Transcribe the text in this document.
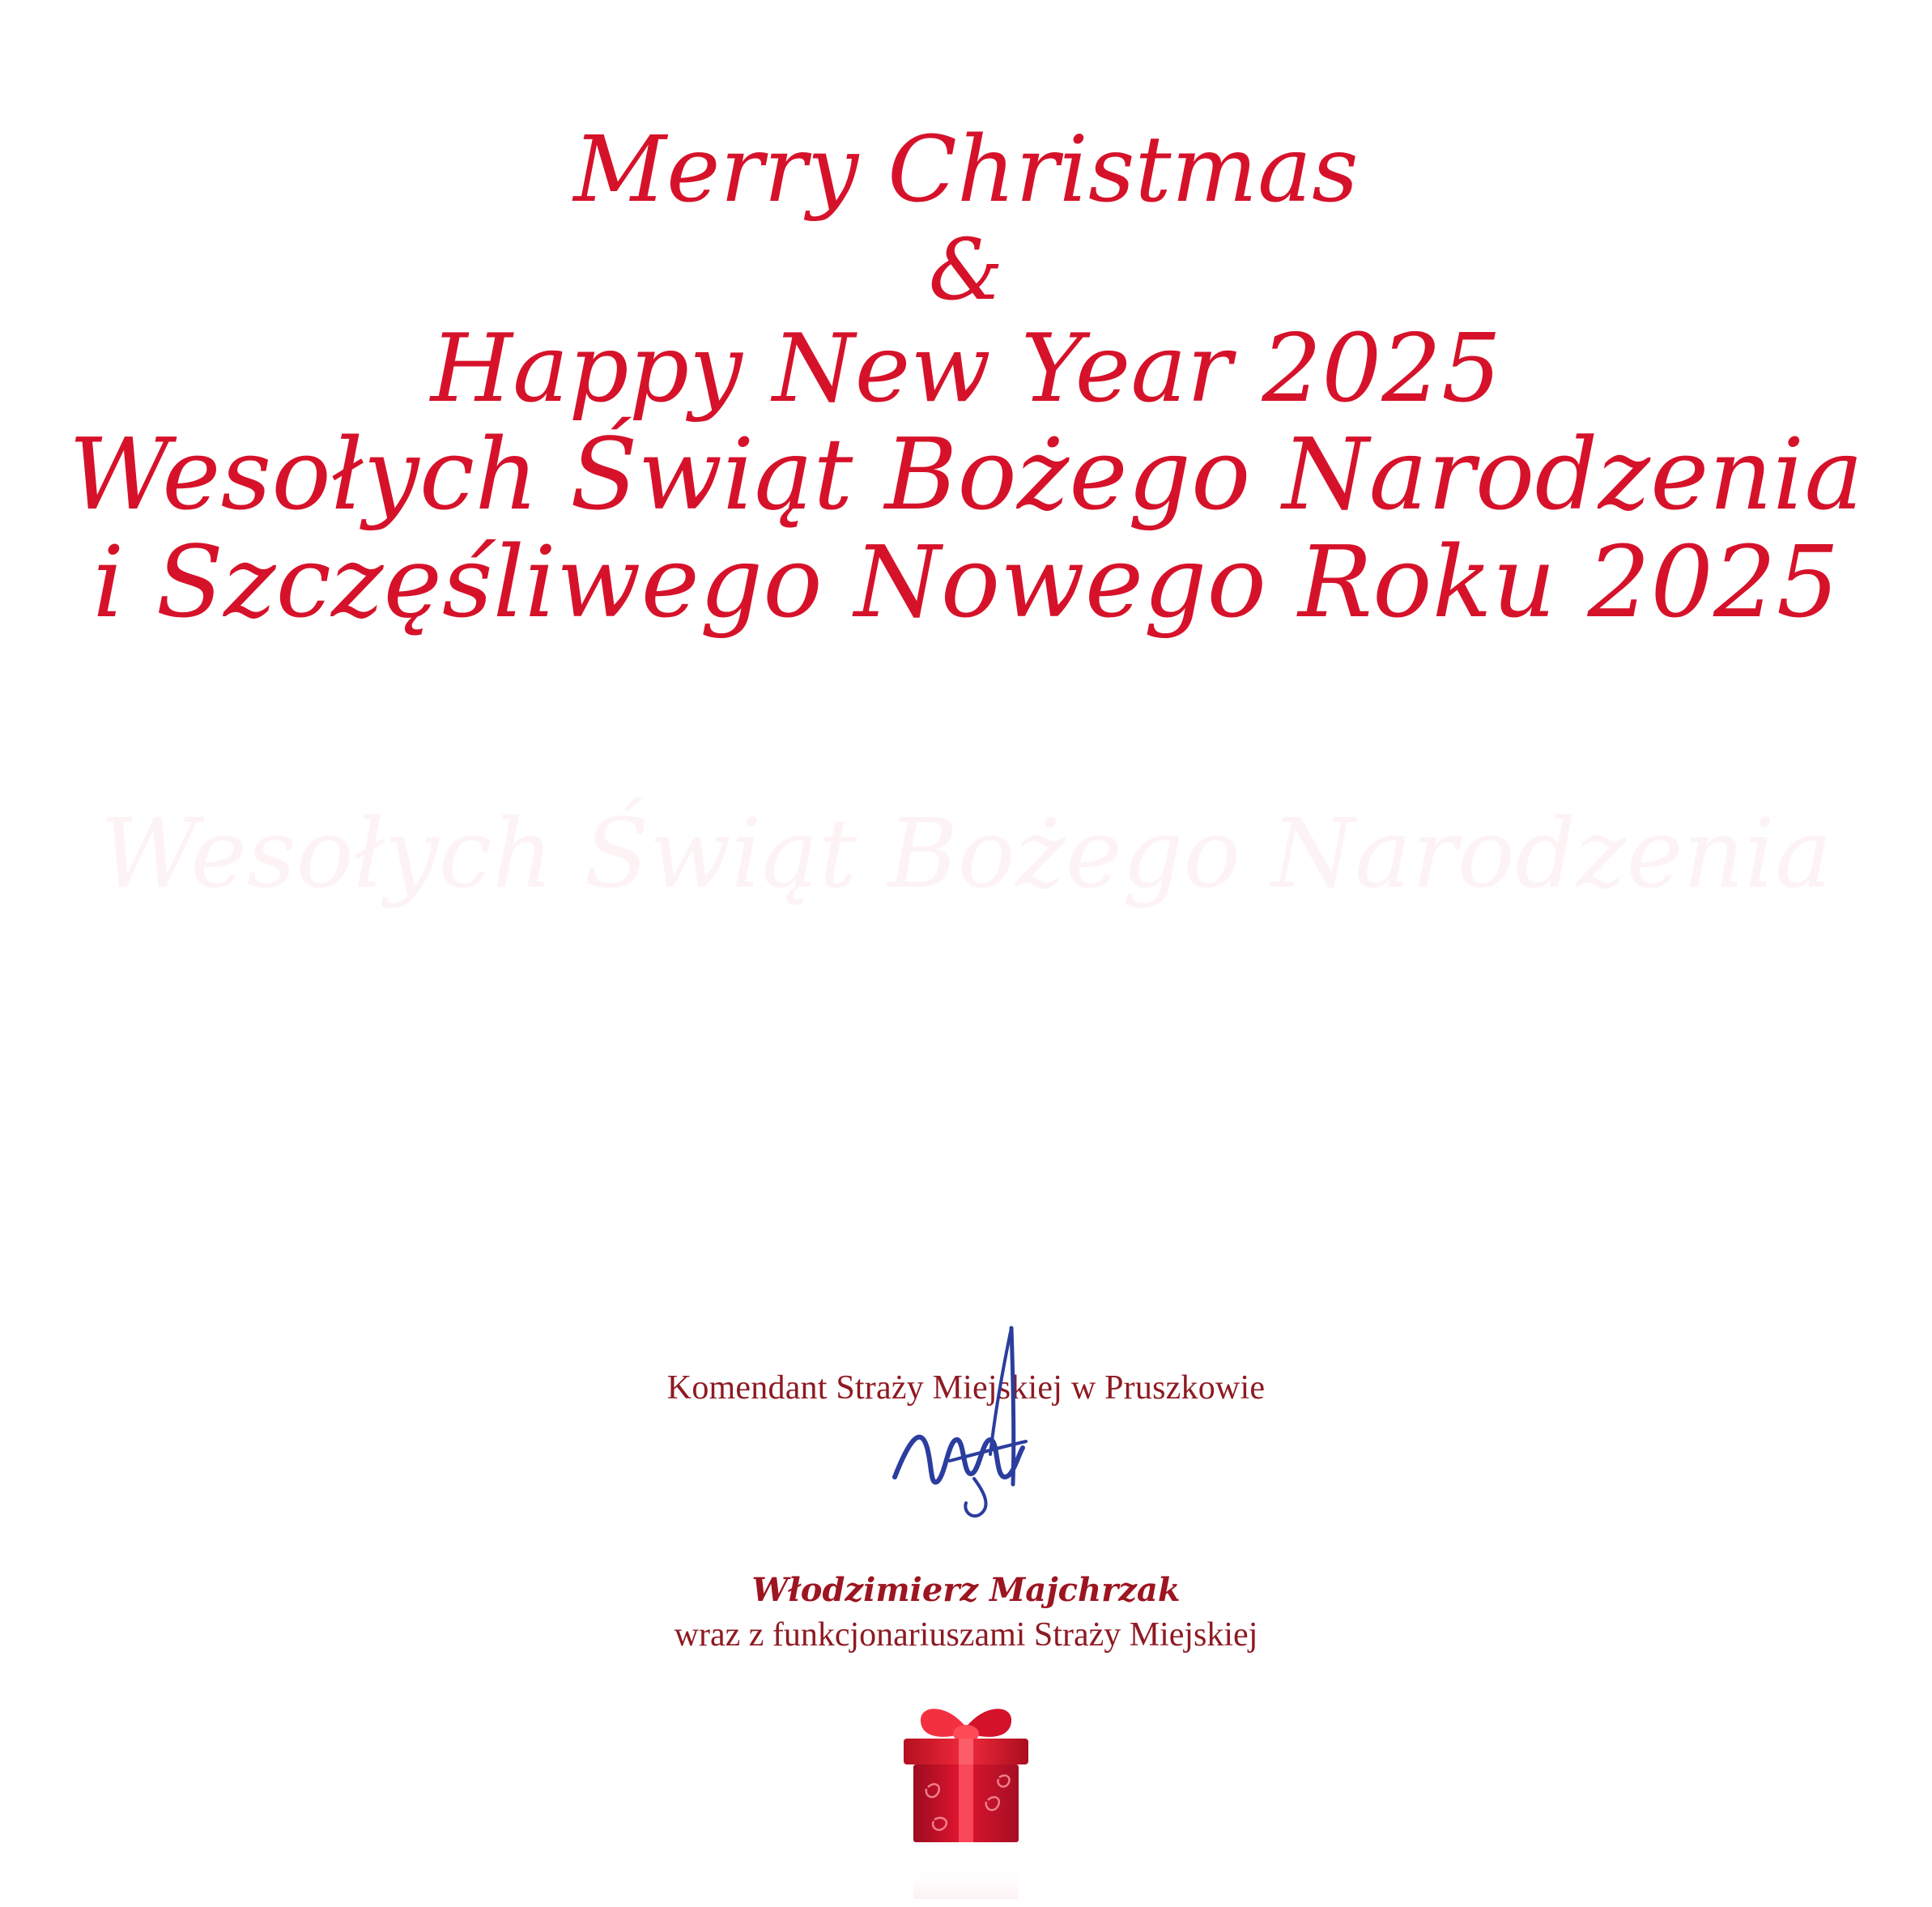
Merry Christmas
&
Happy New Year 2025
Wesołych Świąt Bożego Narodzenia
i Szczęśliwego Nowego Roku 2025
Komendant Straży Miejskiej w Pruszkowie
Włodzimierz Majchrzak
wraz z funkcjonariuszami Straży Miejskiej
